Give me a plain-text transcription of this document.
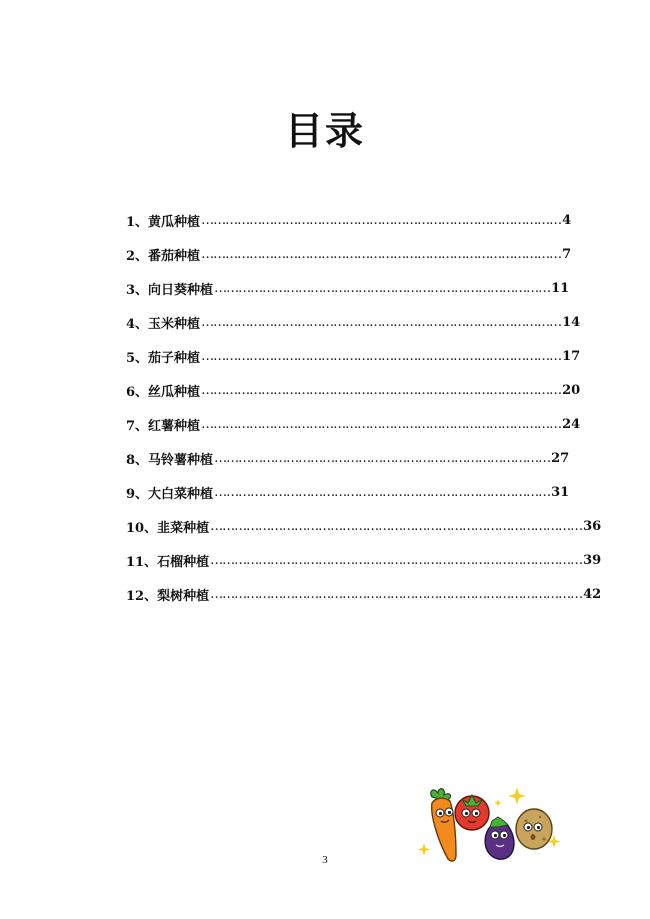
目录
1、 黄瓜种植 ……………………………………………………………………………… 4
2、 番茄种植 ……………………………………………………………………………… 7
3、 向日葵种植 ………………………………………………………………………… 11
4、 玉米种植 ……………………………………………………………………………… 14
5、 茄子种植 ……………………………………………………………………………… 17
6、 丝瓜种植 ……………………………………………………………………………… 20
7、 红薯种植 ……………………………………………………………………………… 24
8、 马铃薯种植 ………………………………………………………………………… 27
9、 大白菜种植 ………………………………………………………………………… 31
10、 韭菜种植 ………………………………………………………………………………… 36
11、 石榴种植 ………………………………………………………………………………… 39
12、 梨树种植 ………………………………………………………………………………… 42
3
